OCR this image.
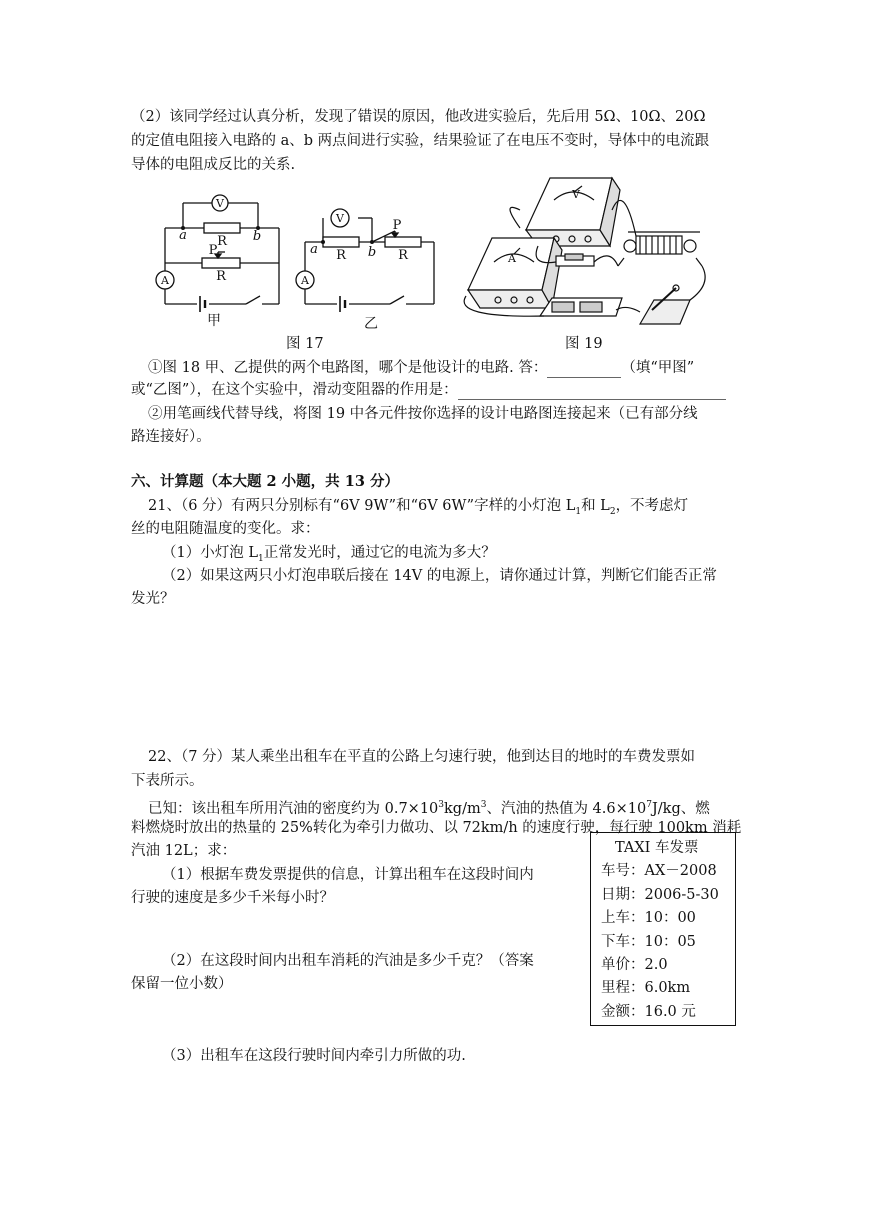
（2）该同学经过认真分析，发现了错误的原因，他改进实验后，先后用 5Ω、10Ω、20Ω
的定值电阻接入电路的 a、b 两点间进行实验，结果验证了在电压不变时，导体中的电流跟
导体的电阻成反比的关系.
V
A
V
A
a	b
R
P
R
a	b
R
P
R
甲	乙
图 17
V
A
图 19
①图 18 甲、乙提供的两个电路图，哪个是他设计的电路. 答：	（填“甲图”
或“乙图”），在这个实验中，滑动变阻器的作用是：
②用笔画线代替导线，将图 19 中各元件按你选择的设计电路图连接起来（已有部分线
路连接好）。
六、计算题（本大题 2 小题，共 13 分）
21、（6 分）有两只分别标有“6V 9W”和“6V 6W”字样的小灯泡 $L_1$和 $L_2$，不考虑灯
丝的电阻随温度的变化。求：
（1）小灯泡 $L_1$正常发光时，通过它的电流为多大？
（2）如果这两只小灯泡串联后接在 14V 的电源上，请你通过计算，判断它们能否正常
发光？
22、（7 分）某人乘坐出租车在平直的公路上匀速行驶，他到达目的地时的车费发票如
下表所示。
已知：该出租车所用汽油的密度约为 $0.7\times 10^3kg/m^3$、汽油的热值为 $4.6\times 10^7J/kg$、燃
料燃烧时放出的热量的 25%转化为牵引力做功、以 72km/h 的速度行驶，每行驶 100km 消耗
汽油 12L；求：
（1）根据车费发票提供的信息，计算出租车在这段时间内
行驶的速度是多少千米每小时？
（2）在这段时间内出租车消耗的汽油是多少千克？（答案
保留一位小数）
（3）出租车在这段行驶时间内牵引力所做的功.
TAXI 车发票
车号：AX－2008
日期：2006-5-30
上车：10：00
下车：10：05
单价：2.0
里程：6.0km
金额：16.0 元
